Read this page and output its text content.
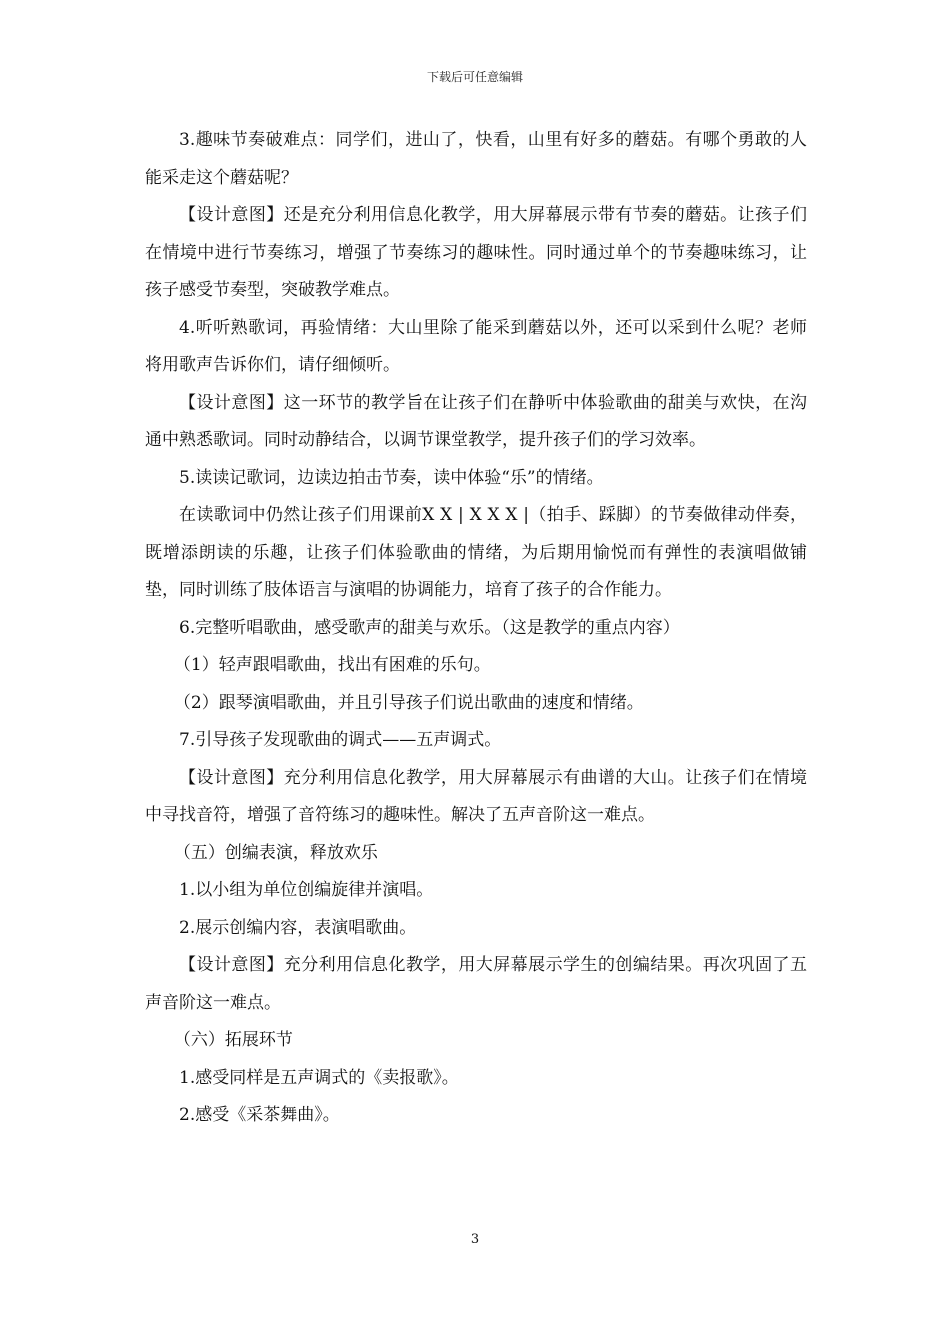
下载后可任意编辑

3.趣味节奏破难点：同学们，进山了，快看，山里有好多的蘑菇。有哪个勇敢的人能采走这个蘑菇呢？

【设计意图】还是充分利用信息化教学，用大屏幕展示带有节奏的蘑菇。让孩子们在情境中进行节奏练习，增强了节奏练习的趣味性。同时通过单个的节奏趣味练习，让孩子感受节奏型，突破教学难点。

4.听听熟歌词，再验情绪：大山里除了能采到蘑菇以外，还可以采到什么呢？老师将用歌声告诉你们，请仔细倾听。

【设计意图】这一环节的教学旨在让孩子们在静听中体验歌曲的甜美与欢快，在沟通中熟悉歌词。同时动静结合，以调节课堂教学，提升孩子们的学习效率。

5.读读记歌词，边读边拍击节奏，读中体验“乐”的情绪。

在读歌词中仍然让孩子们用课前X X | X X X |（拍手、踩脚）的节奏做律动伴奏，既增添朗读的乐趣，让孩子们体验歌曲的情绪，为后期用愉悦而有弹性的表演唱做铺垫，同时训练了肢体语言与演唱的协调能力，培育了孩子的合作能力。

6.完整听唱歌曲，感受歌声的甜美与欢乐。（这是教学的重点内容）

（1）轻声跟唱歌曲，找出有困难的乐句。

（2）跟琴演唱歌曲，并且引导孩子们说出歌曲的速度和情绪。

7.引导孩子发现歌曲的调式——五声调式。

【设计意图】充分利用信息化教学，用大屏幕展示有曲谱的大山。让孩子们在情境中寻找音符，增强了音符练习的趣味性。解决了五声音阶这一难点。

（五）创编表演，释放欢乐

1.以小组为单位创编旋律并演唱。

2.展示创编内容，表演唱歌曲。

【设计意图】充分利用信息化教学，用大屏幕展示学生的创编结果。再次巩固了五声音阶这一难点。

（六）拓展环节

1.感受同样是五声调式的《卖报歌》。

2.感受《采茶舞曲》。

3
